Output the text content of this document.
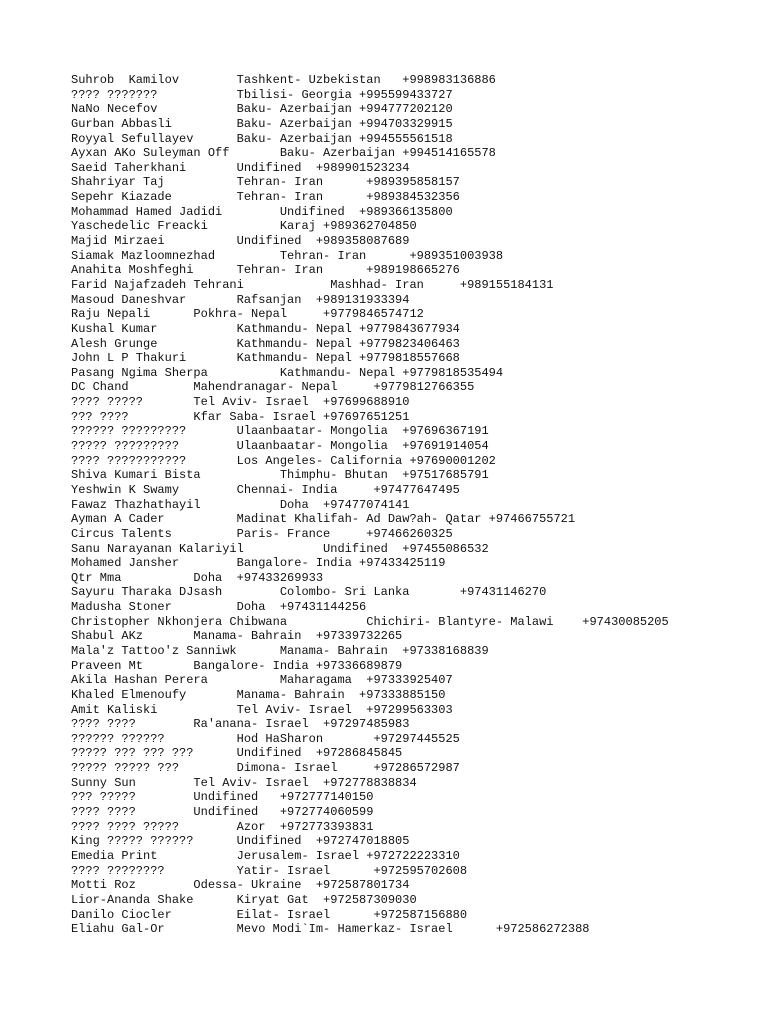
Suhrob  Kamilov        Tashkent- Uzbekistan   +998983136886
???? ???????           Tbilisi- Georgia +995599433727
NaNo Necefov           Baku- Azerbaijan +994777202120
Gurban Abbasli         Baku- Azerbaijan +994703329915
Royyal Sefullayev      Baku- Azerbaijan +994555561518
Ayxan AKo Suleyman Off       Baku- Azerbaijan +994514165578
Saeid Taherkhani       Undifined  +989901523234
Shahriyar Taj          Tehran- Iran      +989395858157
Sepehr Kiazade         Tehran- Iran      +989384532356
Mohammad Hamed Jadidi        Undifined  +989366135800
Yaschedelic Freacki          Karaj +989362704850
Majid Mirzaei          Undifined  +989358087689
Siamak Mazloomnezhad         Tehran- Iran      +989351003938
Anahita Moshfeghi      Tehran- Iran      +989198665276
Farid Najafzadeh Tehrani            Mashhad- Iran     +989155184131
Masoud Daneshvar       Rafsanjan  +989131933394
Raju Nepali      Pokhra- Nepal     +9779846574712
Kushal Kumar           Kathmandu- Nepal +9779843677934
Alesh Grunge           Kathmandu- Nepal +9779823406463
John L P Thakuri       Kathmandu- Nepal +9779818557668
Pasang Ngima Sherpa          Kathmandu- Nepal +9779818535494
DC Chand         Mahendranagar- Nepal     +9779812766355
???? ?????       Tel Aviv- Israel  +97699688910
??? ????         Kfar Saba- Israel +97697651251
?????? ?????????       Ulaanbaatar- Mongolia  +97696367191
????? ?????????        Ulaanbaatar- Mongolia  +97691914054
???? ???????????       Los Angeles- California +97690001202
Shiva Kumari Bista           Thimphu- Bhutan  +97517685791
Yeshwin K Swamy        Chennai- India     +97477647495
Fawaz Thazhathayil           Doha  +97477074141
Ayman A Cader          Madinat Khalifah- Ad Daw?ah- Qatar +97466755721
Circus Talents         Paris- France     +97466260325
Sanu Narayanan Kalariyil           Undifined  +97455086532
Mohamed Jansher        Bangalore- India +97433425119
Qtr Mma          Doha  +97433269933
Sayuru Tharaka DJsash        Colombo- Sri Lanka       +97431146270
Madusha Stoner         Doha  +97431144256
Christopher Nkhonjera Chibwana           Chichiri- Blantyre- Malawi    +97430085205
Shabul AKz       Manama- Bahrain  +97339732265
Mala'z Tattoo'z Sanniwk      Manama- Bahrain  +97338168839
Praveen Mt       Bangalore- India +97336689879
Akila Hashan Perera          Maharagama  +97333925407
Khaled Elmenoufy       Manama- Bahrain  +97333885150
Amit Kaliski           Tel Aviv- Israel  +97299563303
???? ????        Ra'anana- Israel  +97297485983
?????? ??????          Hod HaSharon       +97297445525
????? ??? ??? ???      Undifined  +97286845845
????? ????? ???        Dimona- Israel     +97286572987
Sunny Sun        Tel Aviv- Israel  +972778838834
??? ?????        Undifined   +972777140150
???? ????        Undifined   +972774060599
???? ???? ?????        Azor  +972773393831
King ????? ??????      Undifined  +972747018805
Emedia Print           Jerusalem- Israel +972722223310
???? ????????          Yatir- Israel      +972595702608
Motti Roz        Odessa- Ukraine  +972587801734
Lior-Ananda Shake      Kiryat Gat  +972587309030
Danilo Ciocler         Eilat- Israel      +972587156880
Eliahu Gal-Or          Mevo Modi`Im- Hamerkaz- Israel      +972586272388
